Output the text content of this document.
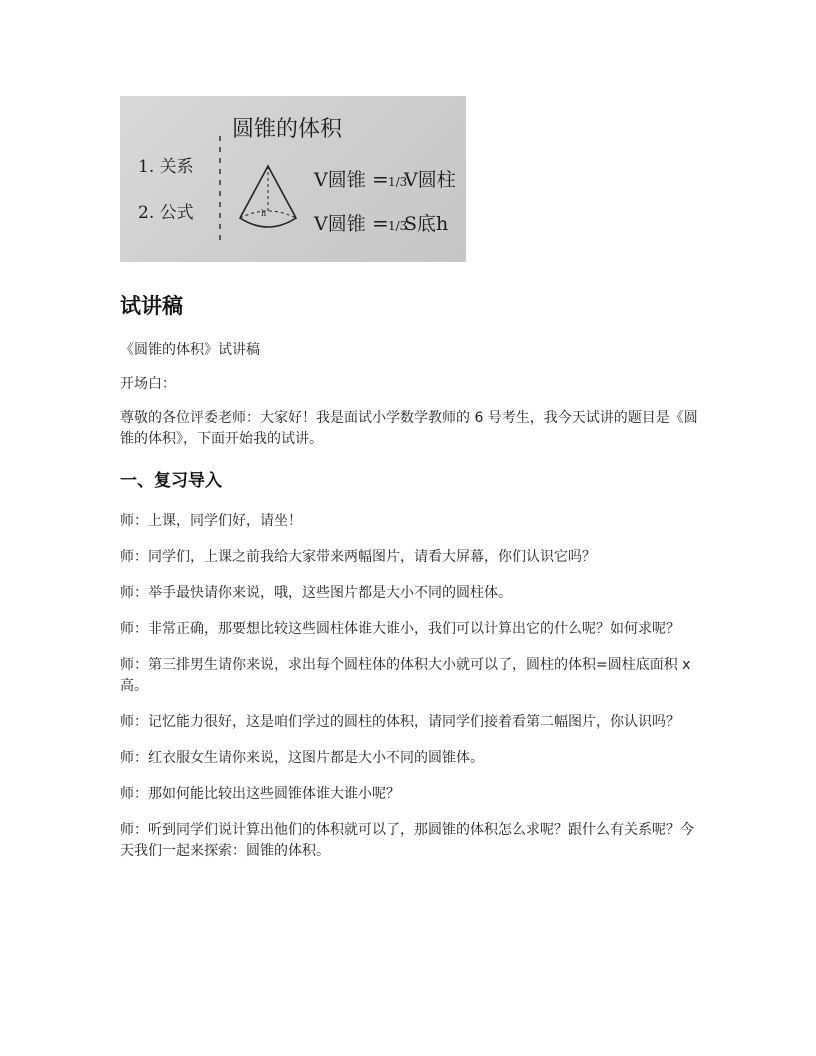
圆锥的体积
1. 关系
2. 公式	h
V圆锥 = 1/3
V圆柱
V圆锥 = 1/3
S底h
试讲稿

《圆锥的体积》试讲稿

开场白：

尊敬的各位评委老师：大家好！我是面试小学数学教师的 6 号考生，我今天试讲的题目是《圆锥的体积》，下面开始我的试讲。

一、复习导入

师：上课，同学们好，请坐！

师：同学们，上课之前我给大家带来两幅图片，请看大屏幕，你们认识它吗？

师：举手最快请你来说，哦，这些图片都是大小不同的圆柱体。

师：非常正确，那要想比较这些圆柱体谁大谁小，我们可以计算出它的什么呢？如何求呢？

师：第三排男生请你来说，求出每个圆柱体的体积大小就可以了，圆柱的体积=圆柱底面积 x 高。

师：记忆能力很好，这是咱们学过的圆柱的体积，请同学们接着看第二幅图片，你认识吗？

师：红衣服女生请你来说，这图片都是大小不同的圆锥体。

师：那如何能比较出这些圆锥体谁大谁小呢？

师：听到同学们说计算出他们的体积就可以了，那圆锥的体积怎么求呢？跟什么有关系呢？今天我们一起来探索：圆锥的体积。
